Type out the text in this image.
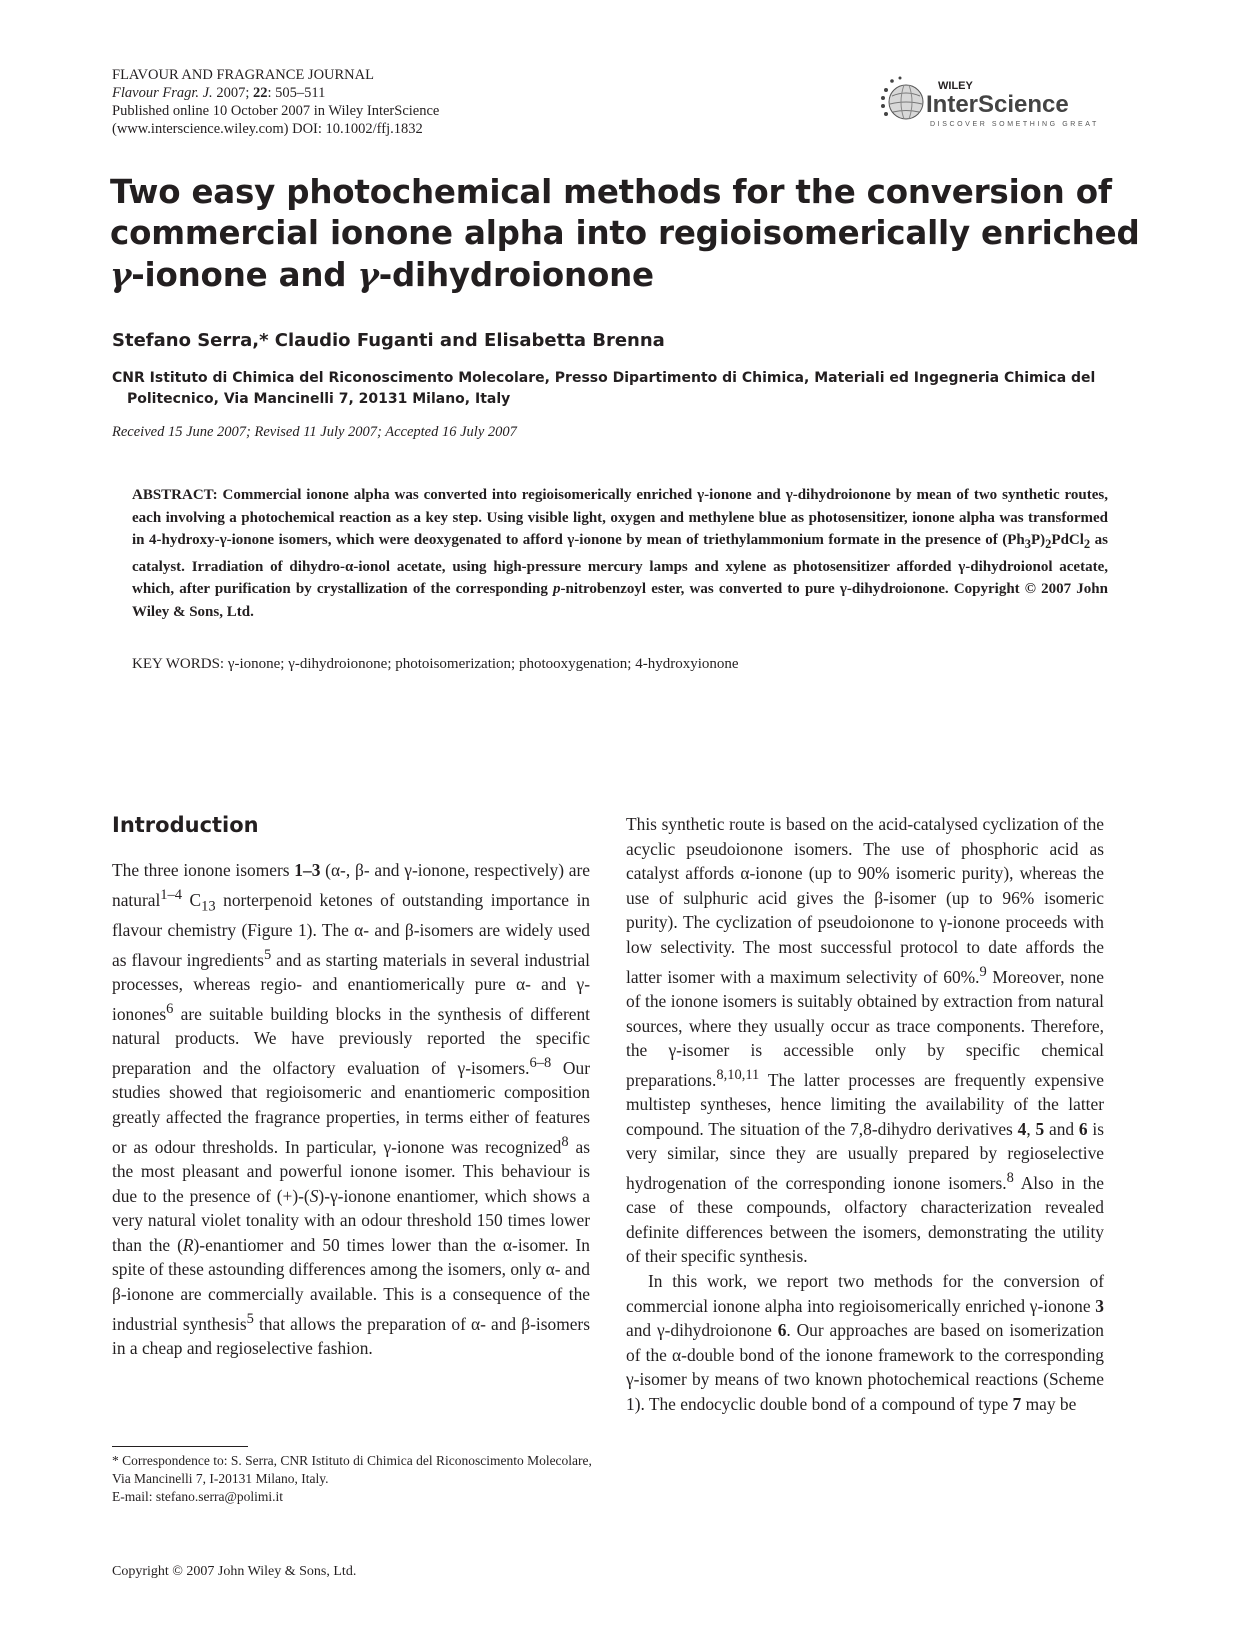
FLAVOUR AND FRAGRANCE JOURNAL
Flavour Fragr. J. 2007; 22: 505–511
Published online 10 October 2007 in Wiley InterScience
(www.interscience.wiley.com) DOI: 10.1002/ffj.1832
WILEY
InterScience
DISCOVER SOMETHING GREAT
Two easy photochemical methods for the conversion of
commercial ionone alpha into regioisomerically enriched
γ-ionone and γ-dihydroionone
Stefano Serra,* Claudio Fuganti and Elisabetta Brenna
CNR Istituto di Chimica del Riconoscimento Molecolare, Presso Dipartimento di Chimica, Materiali ed Ingegneria Chimica del Politecnico, Via Mancinelli 7, 20131 Milano, Italy
Received 15 June 2007; Revised 11 July 2007; Accepted 16 July 2007

ABSTRACT: Commercial ionone alpha was converted into regioisomerically enriched γ-ionone and γ-dihydroionone by mean of two synthetic routes, each involving a photochemical reaction as a key step. Using visible light, oxygen and methylene blue as photosensitizer, ionone alpha was transformed in 4-hydroxy-γ-ionone isomers, which were deoxygenated to afford γ-ionone by mean of triethylammonium formate in the presence of $(Ph_3P)_2PdCl_2$ as catalyst. Irradiation of dihydro-α-ionol acetate, using high-pressure mercury lamps and xylene as photosensitizer afforded γ-dihydroionol acetate, which, after purification by crystallization of the corresponding p-nitrobenzoyl ester, was converted to pure γ-dihydroionone. Copyright © 2007 John Wiley & Sons, Ltd.

KEY WORDS: γ-ionone; γ-dihydroionone; photoisomerization; photooxygenation; 4-hydroxyionone
Introduction

The three ionone isomers 1–3 (α-, β- and γ-ionone, respectively) are natural$^{1-4}$ $C_{13}$ norterpenoid ketones of outstanding importance in flavour chemistry (Figure 1). The α- and β-isomers are widely used as flavour ingredients$^5$ and as starting materials in several industrial processes, whereas regio- and enantiomerically pure α- and γ-ionones$^6$ are suitable building blocks in the synthesis of different natural products. We have previously reported the specific preparation and the olfactory evaluation of γ-isomers.$^{6-8}$ Our studies showed that regioisomeric and enantiomeric composition greatly affected the fragrance properties, in terms either of features or as odour thresholds. In particular, γ-ionone was recognized$^8$ as the most pleasant and powerful ionone isomer. This behaviour is due to the presence of (+)-(S)-γ-ionone enantiomer, which shows a very natural violet tonality with an odour threshold 150 times lower than the (R)-enantiomer and 50 times lower than the α-isomer. In spite of these astounding differences among the isomers, only α- and β-ionone are commercially available. This is a consequence of the industrial synthesis$^5$ that allows the preparation of α- and β-isomers in a cheap and regioselective fashion.

This synthetic route is based on the acid-catalysed cyclization of the acyclic pseudoionone isomers. The use of phosphoric acid as catalyst affords α-ionone (up to 90% isomeric purity), whereas the use of sulphuric acid gives the β-isomer (up to 96% isomeric purity). The cyclization of pseudoionone to γ-ionone proceeds with low selectivity. The most successful protocol to date affords the latter isomer with a maximum selectivity of 60%.$^9$ Moreover, none of the ionone isomers is suitably obtained by extraction from natural sources, where they usually occur as trace components. Therefore, the γ-isomer is accessible only by specific chemical preparations.$^{8,10,11}$ The latter processes are frequently expensive multistep syntheses, hence limiting the availability of the latter compound. The situation of the 7,8-dihydro derivatives 4, 5 and 6 is very similar, since they are usually prepared by regioselective hydrogenation of the corresponding ionone isomers.$^8$ Also in the case of these compounds, olfactory characterization revealed definite differences between the isomers, demonstrating the utility of their specific synthesis.

In this work, we report two methods for the conversion of commercial ionone alpha into regioisomerically enriched γ-ionone 3 and γ-dihydroionone 6. Our approaches are based on isomerization of the α-double bond of the ionone framework to the corresponding γ-isomer by means of two known photochemical reactions (Scheme 1). The endocyclic double bond of a compound of type 7 may be

* Correspondence to: S. Serra, CNR Istituto di Chimica del Riconoscimento Molecolare, Via Mancinelli 7, I-20131 Milano, Italy.
E-mail: stefano.serra@polimi.it
Copyright © 2007 John Wiley & Sons, Ltd.
